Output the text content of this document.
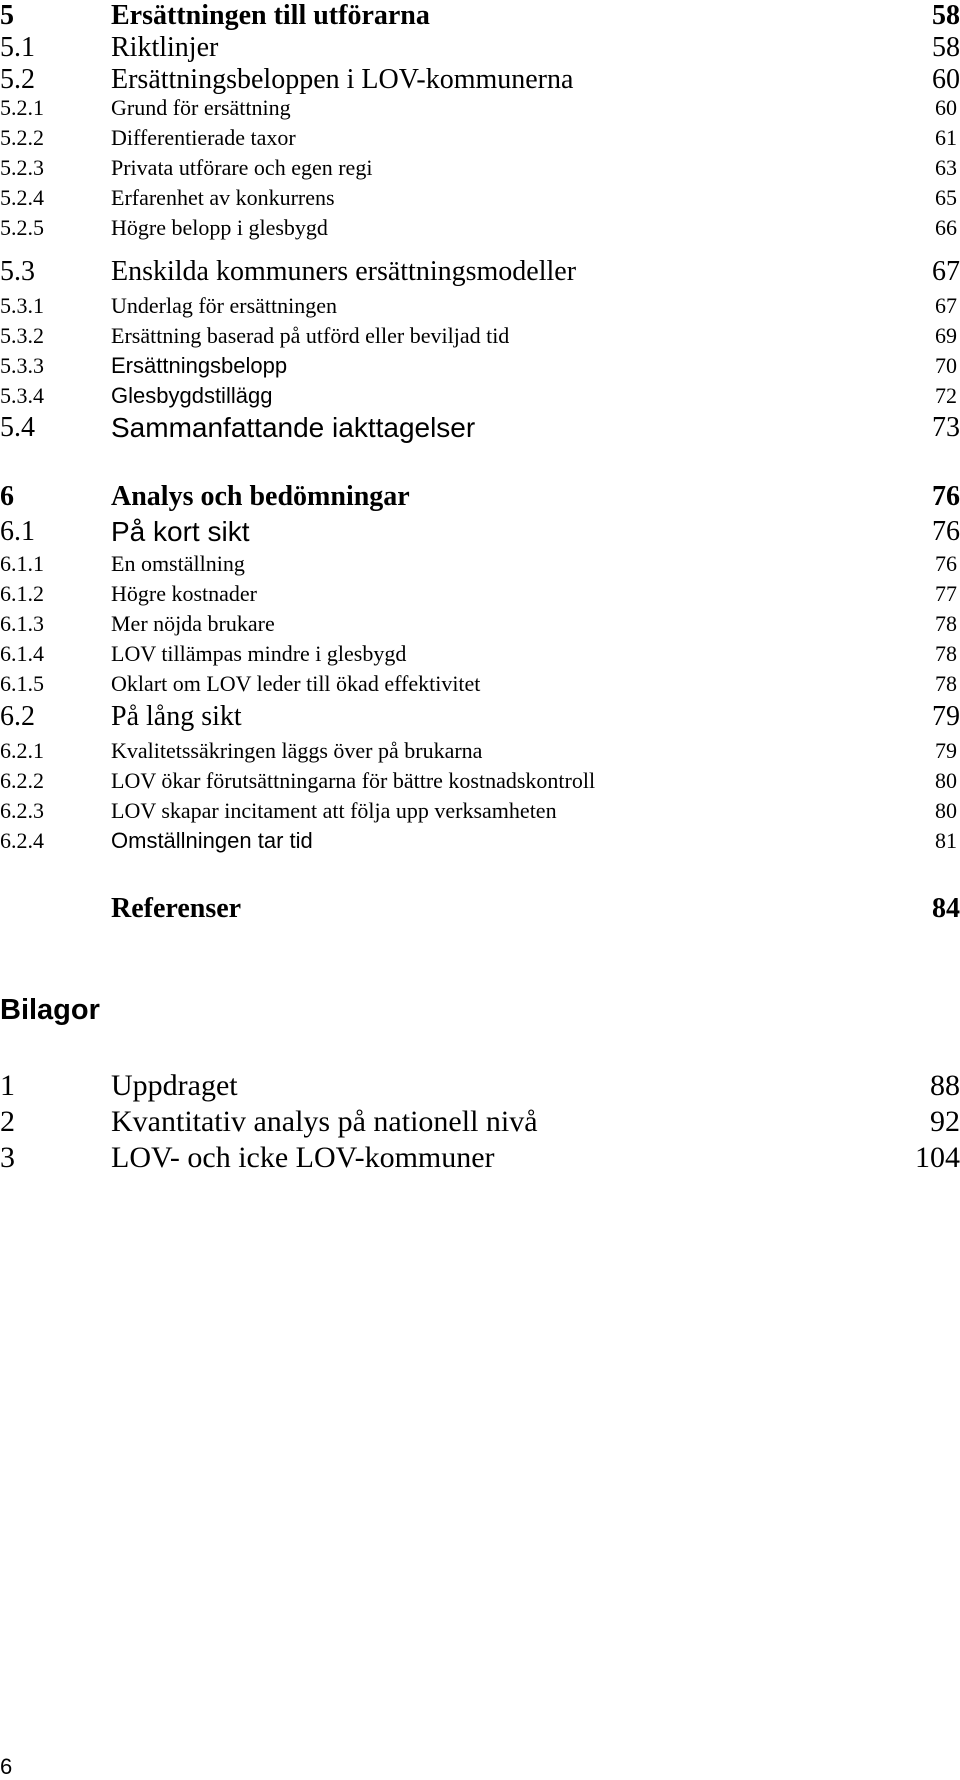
5	Ersättningen till utförarna	58
5.1	Riktlinjer	58
5.2	Ersättningsbeloppen i LOV-kommunerna	60
5.2.1	Grund för ersättning	60
5.2.2	Differentierade taxor	61
5.2.3	Privata utförare och egen regi	63
5.2.4	Erfarenhet av konkurrens	65
5.2.5	Högre belopp i glesbygd	66
5.3	Enskilda kommuners ersättningsmodeller	67
5.3.1	Underlag för ersättningen	67
5.3.2	Ersättning baserad på utförd eller beviljad tid	69
5.3.3	Ersättningsbelopp	70
5.3.4	Glesbygdstillägg	72
5.4	Sammanfattande iakttagelser	73
6	Analys och bedömningar	76
6.1	På kort sikt	76
6.1.1	En omställning	76
6.1.2	Högre kostnader	77
6.1.3	Mer nöjda brukare	78
6.1.4	LOV tillämpas mindre i glesbygd	78
6.1.5	Oklart om LOV leder till ökad effektivitet	78
6.2	På lång sikt	79
6.2.1	Kvalitetssäkringen läggs över på brukarna	79
6.2.2	LOV ökar förutsättningarna för bättre kostnadskontroll	80
6.2.3	LOV skapar incitament att följa upp verksamheten	80
6.2.4	Omställningen tar tid	81
Referenser	84
Bilagor
1	Uppdraget	88
2	Kvantitativ analys på nationell nivå	92
3	LOV- och icke LOV-kommuner	104
6
